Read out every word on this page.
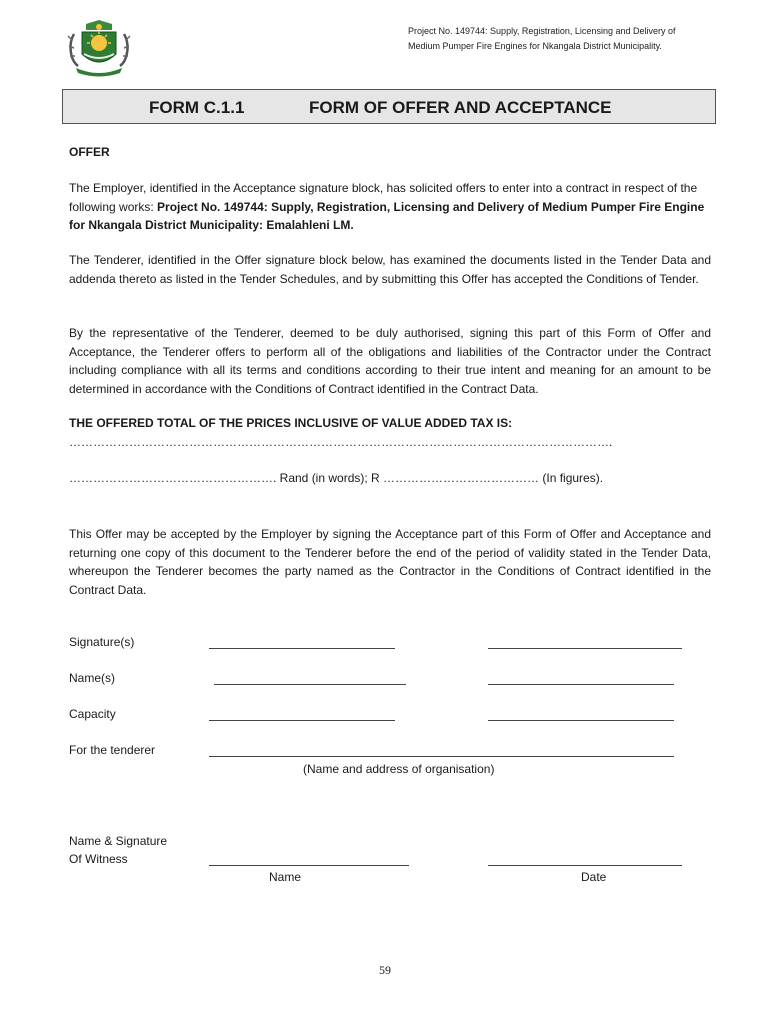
Project No. 149744: Supply, Registration, Licensing and Delivery of
Medium Pumper Fire Engines for Nkangala District Municipality.
FORM C.1.1	FORM OF OFFER AND ACCEPTANCE
OFFER
The Employer, identified in the Acceptance signature block, has solicited offers to enter into a contract in respect of the following works: Project No. 149744: Supply, Registration, Licensing and Delivery of Medium Pumper Fire Engine for Nkangala District Municipality: Emalahleni LM.
The Tenderer, identified in the Offer signature block below, has examined the documents listed in the Tender Data and addenda thereto as listed in the Tender Schedules, and by submitting this Offer has accepted the Conditions of Tender.
By the representative of the Tenderer, deemed to be duly authorised, signing this part of this Form of Offer and Acceptance, the Tenderer offers to perform all of the obligations and liabilities of the Contractor under the Contract including compliance with all its terms and conditions according to their true intent and meaning for an amount to be determined in accordance with the Conditions of Contract identified in the Contract Data.
THE OFFERED TOTAL OF THE PRICES INCLUSIVE OF VALUE ADDED TAX IS:
……………………………………………………………………………………………………………………….
……………………………………………. Rand (in words); R ………………………………… (In figures).
This Offer may be accepted by the Employer by signing the Acceptance part of this Form of Offer and Acceptance and returning one copy of this document to the Tenderer before the end of the period of validity stated in the Tender Data, whereupon the Tenderer becomes the party named as the Contractor in the Conditions of Contract identified in the Contract Data.
Signature(s)
Name(s)
Capacity
For the tenderer
(Name and address of organisation)
Name & Signature
Of Witness
Name	Date
59
